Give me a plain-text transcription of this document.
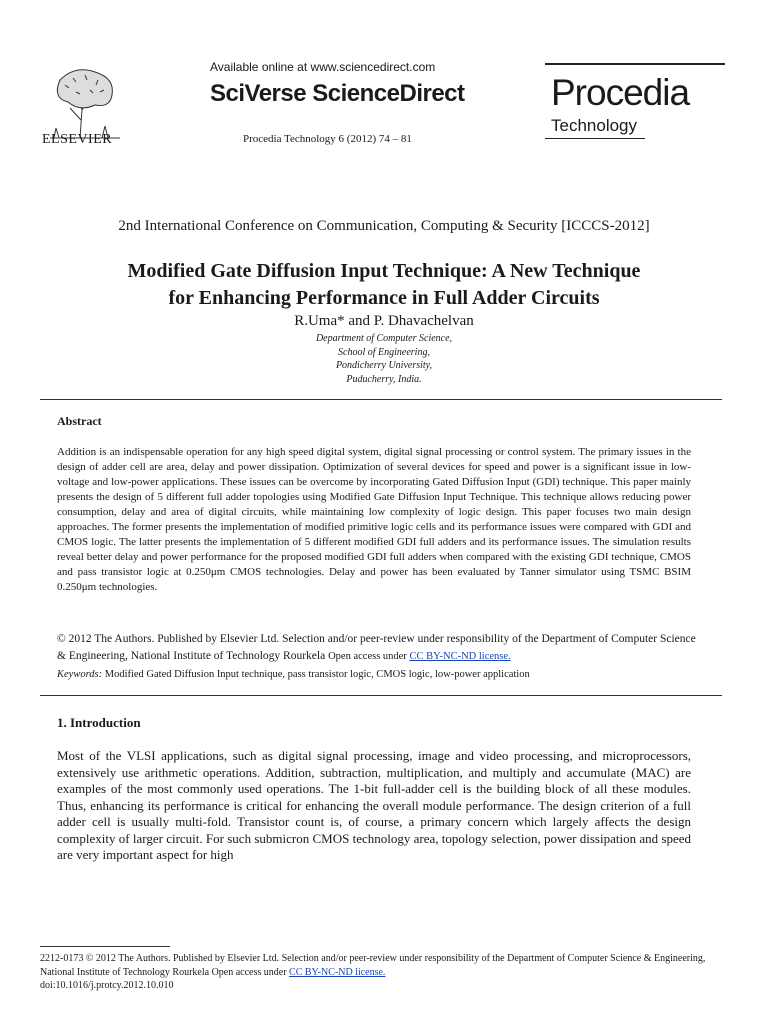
ELSEVIER
Available online at www.sciencedirect.com
SciVerse ScienceDirect
Procedia Technology 6 (2012) 74 – 81
Procedia
Technology
2nd International Conference on Communication, Computing & Security [ICCCS-2012]
Modified Gate Diffusion Input Technique: A New Technique
for Enhancing Performance in Full Adder Circuits
R.Uma* and P. Dhavachelvan
Department of Computer Science,
School of Engineering,
Pondicherry University,
Puducherry, India.
Abstract
Addition is an indispensable operation for any high speed digital system, digital signal processing or control system. The primary issues in the design of adder cell are area, delay and power dissipation. Optimization of several devices for speed and power is a significant issue in low-voltage and low-power applications. These issues can be overcome by incorporating Gated Diffusion Input (GDI) technique. This paper mainly presents the design of 5 different full adder topologies using Modified Gate Diffusion Input Technique. This technique allows reducing power consumption, delay and area of digital circuits, while maintaining low complexity of logic design. This paper focuses two main design approaches. The former presents the implementation of modified primitive logic cells and its performance issues were compared with GDI and CMOS logic. The latter presents the implementation of 5 different modified GDI full adders and its performance issues. The simulation results reveal better delay and power performance for the proposed modified GDI full adders when compared with the existing GDI technique, CMOS and pass transistor logic at 0.250μm CMOS technologies. Delay and power has been evaluated by Tanner simulator using TSMC BSIM 0.250μm technologies.
© 2012 The Authors. Published by Elsevier Ltd. Selection and/or peer-review under responsibility of the Department of Computer Science & Engineering, National Institute of Technology Rourkela Open access under CC BY-NC-ND license.
Keywords: Modified Gated Diffusion Input technique, pass transistor logic, CMOS logic, low-power application
1. Introduction
Most of the VLSI applications, such as digital signal processing, image and video processing, and microprocessors, extensively use arithmetic operations. Addition, subtraction, multiplication, and multiply and accumulate (MAC) are examples of the most commonly used operations. The 1-bit full-adder cell is the building block of all these modules. Thus, enhancing its performance is critical for enhancing the overall module performance. The design criterion of a full adder cell is usually multi-fold. Transistor count is, of course, a primary concern which largely affects the design complexity of larger circuit. For such submicron CMOS technology area, topology selection, power dissipation and speed are very important aspect for high
2212-0173 © 2012 The Authors. Published by Elsevier Ltd. Selection and/or peer-review under responsibility of the Department of Computer Science & Engineering, National Institute of Technology Rourkela Open access under CC BY-NC-ND license.
doi:10.1016/j.protcy.2012.10.010
